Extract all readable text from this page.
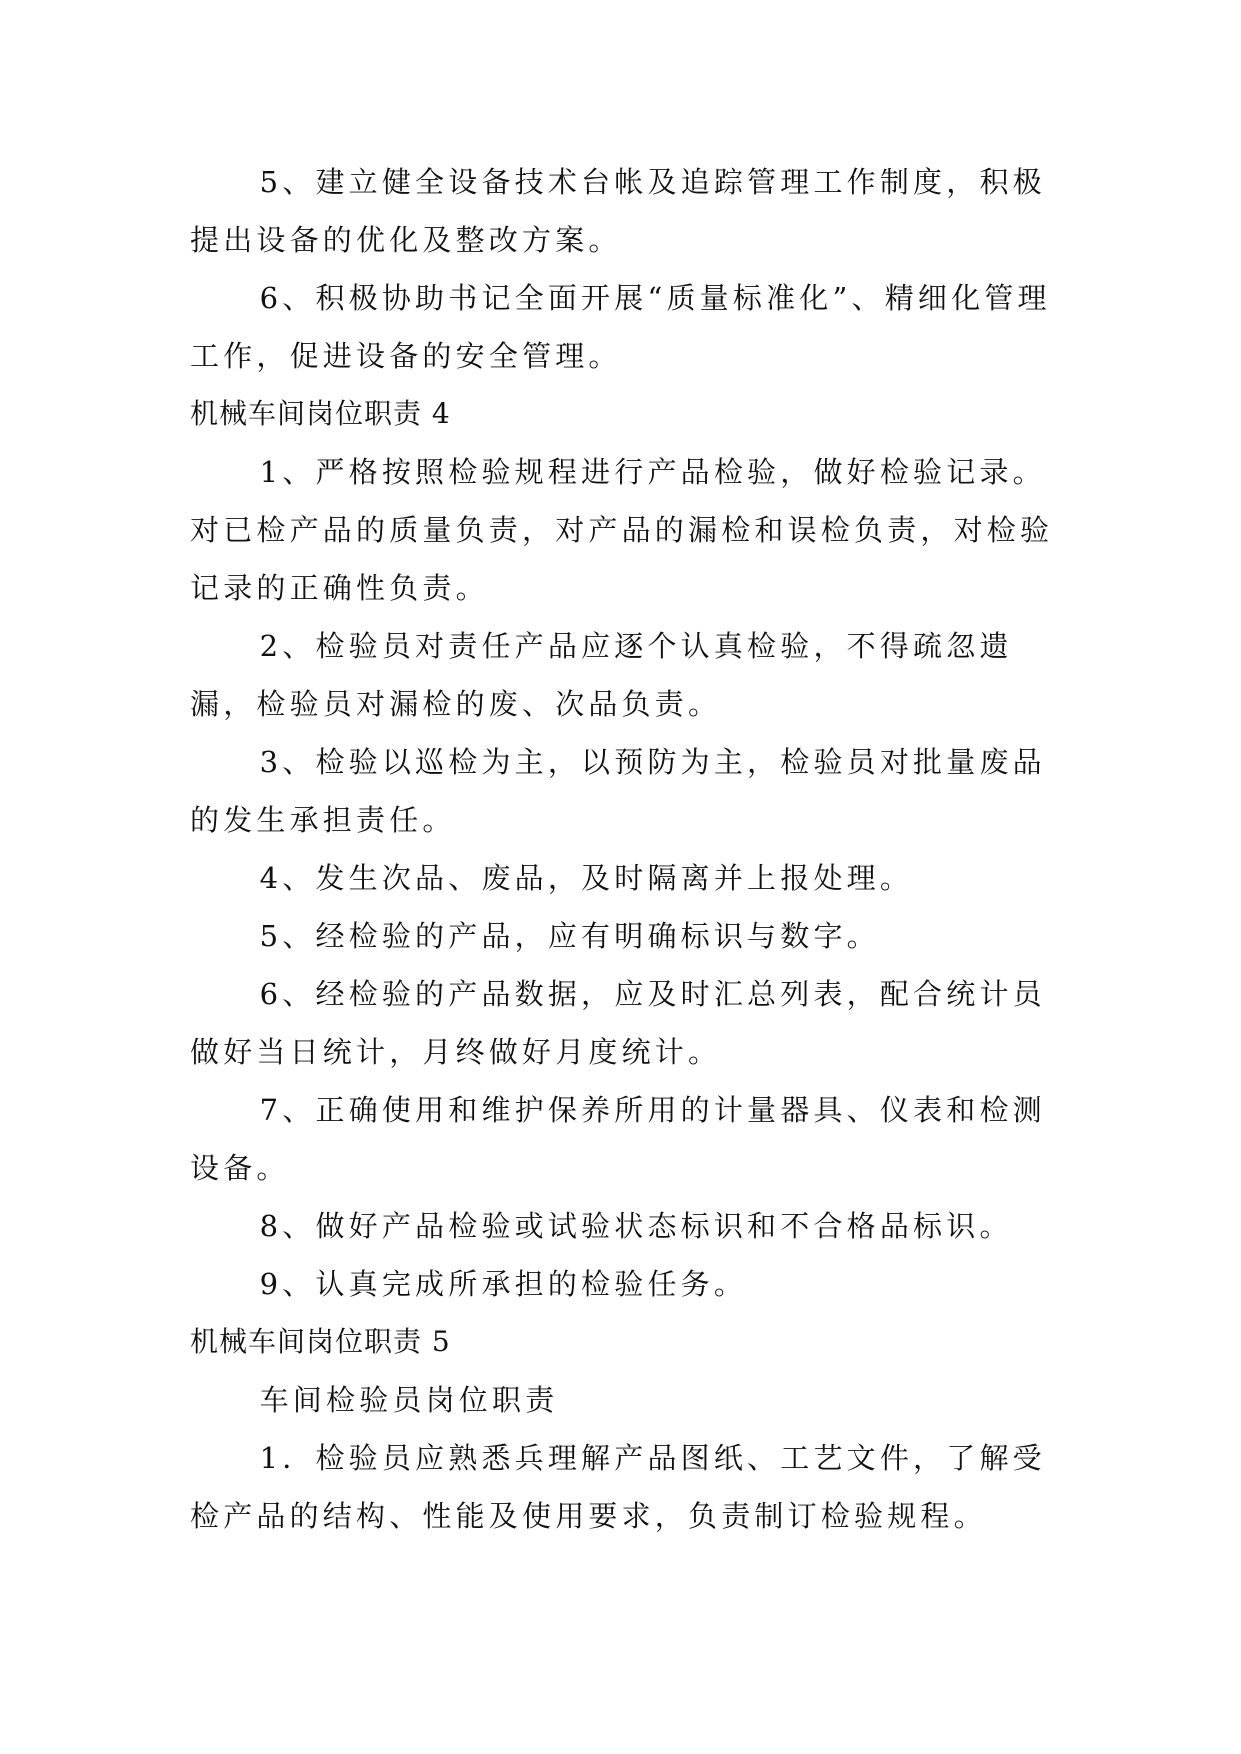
5、建立健全设备技术台帐及追踪管理工作制度，积极提出设备的优化及整改方案。

6、积极协助书记全面开展“质量标准化”、精细化管理工作，促进设备的安全管理。

机械车间岗位职责 4

1、严格按照检验规程进行产品检验，做好检验记录。对已检产品的质量负责，对产品的漏检和误检负责，对检验记录的正确性负责。

2、检验员对责任产品应逐个认真检验，不得疏忽遗漏，检验员对漏检的废、次品负责。

3、检验以巡检为主，以预防为主，检验员对批量废品的发生承担责任。

4、发生次品、废品，及时隔离并上报处理。

5、经检验的产品，应有明确标识与数字。

6、经检验的产品数据，应及时汇总列表，配合统计员做好当日统计，月终做好月度统计。

7、正确使用和维护保养所用的计量器具、仪表和检测设备。

8、做好产品检验或试验状态标识和不合格品标识。

9、认真完成所承担的检验任务。

机械车间岗位职责 5

车间检验员岗位职责

1．检验员应熟悉兵理解产品图纸、工艺文件，了解受检产品的结构、性能及使用要求，负责制订检验规程。
